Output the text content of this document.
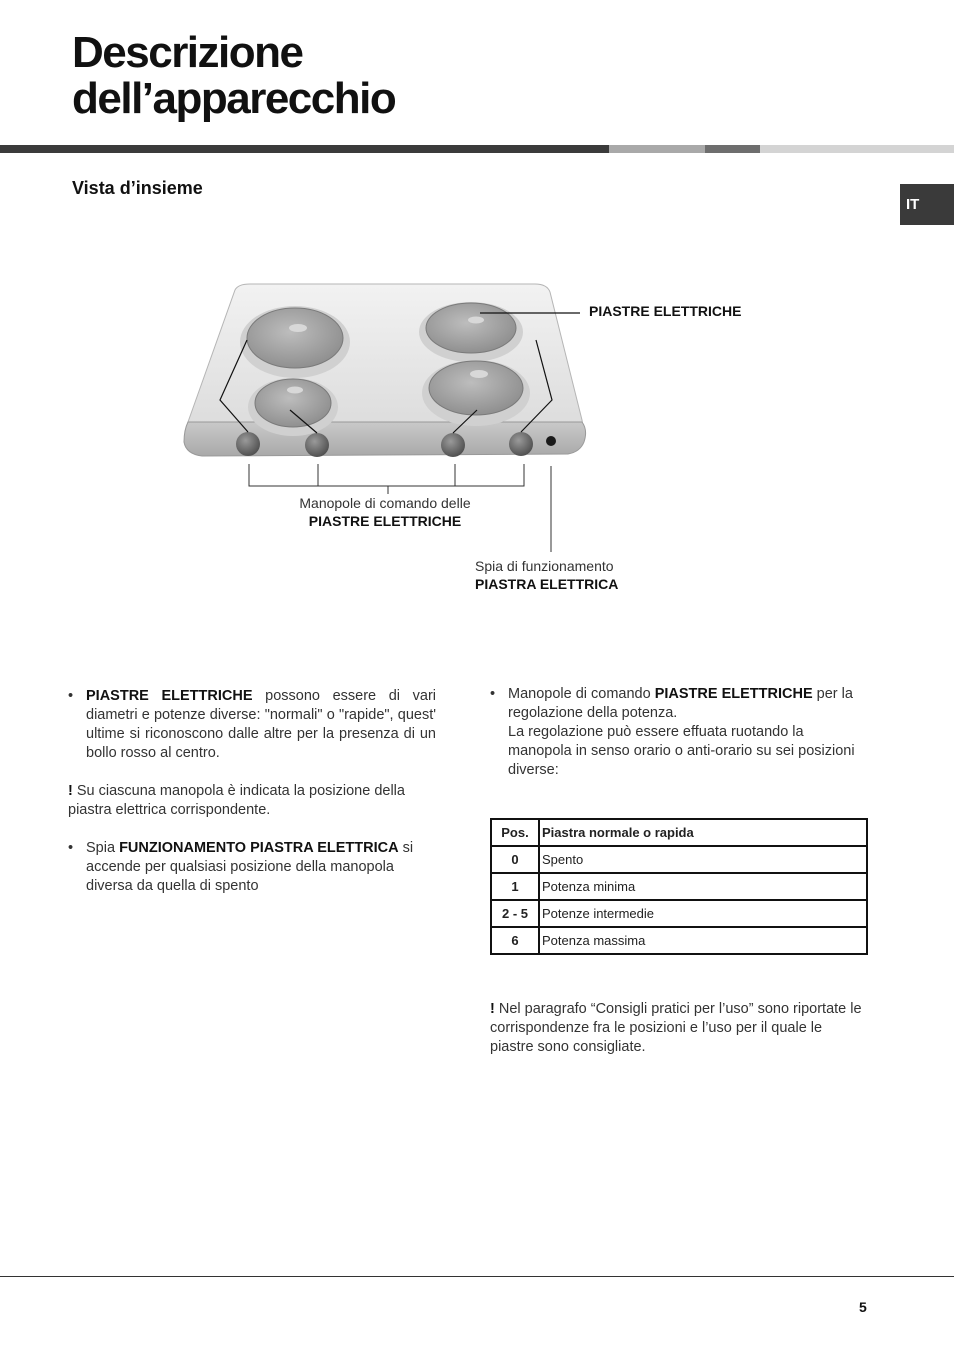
Descrizione
dell’apparecchio
Vista d’insieme
IT
PIASTRE ELETTRICHE
Manopole di comando delle
PIASTRE ELETTRICHE
Spia di funzionamento
PIASTRA ELETTRICA
• PIASTRE ELETTRICHE possono essere di vari diametri e potenze diverse: "normali" o "rapide", quest' ultime si riconoscono dalle altre per la presenza di un bollo rosso al centro.

! Su ciascuna manopola è indicata la posizione della piastra elettrica corrispondente.

• Spia FUNZIONAMENTO PIASTRA ELETTRICA si accende per qualsiasi posizione della manopola diversa da quella di spento

• Manopole di comando PIASTRE ELETTRICHE per la regolazione della potenza.

La regolazione può essere effuata ruotando la manopola in senso orario o anti-orario su sei posizioni diverse:

Pos.	Piastra normale o rapida
0	Spento
1	Potenza minima
2 - 5	Potenze intermedie
6	Potenza massima

! Nel paragrafo “Consigli pratici per l’uso” sono riportate le corrispondenze fra le posizioni e l’uso per il quale le piastre sono consigliate.

5
